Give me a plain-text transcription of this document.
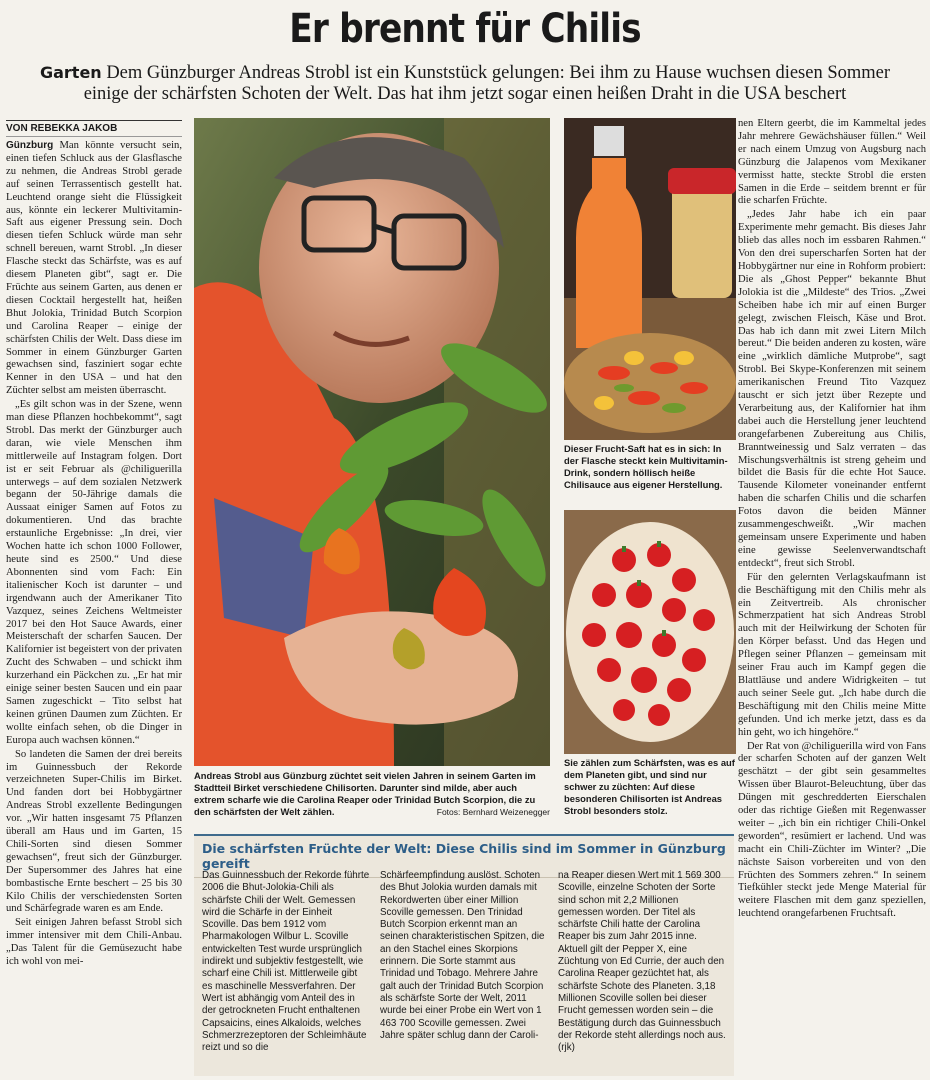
Er brennt für Chilis
Garten Dem Günzburger Andreas Strobl ist ein Kunststück gelungen: Bei ihm zu Hause wuchsen diesen Sommer einige der schärfsten Schoten der Welt. Das hat ihm jetzt sogar einen heißen Draht in die USA beschert
VON REBEKKA JAKOB

Günzburg Man könnte versucht sein, einen tiefen Schluck aus der Glasflasche zu nehmen, die Andreas Strobl gerade auf seinen Terrassentisch gestellt hat. Leuchtend orange sieht die Flüssigkeit aus, könnte ein leckerer Multivitamin-Saft aus eigener Pressung sein. Doch diesen tiefen Schluck würde man sehr schnell bereuen, warnt Strobl. „In dieser Flasche steckt das Schärfste, was es auf diesem Planeten gibt“, sagt er. Die Früchte aus seinem Garten, aus denen er diesen Cocktail hergestellt hat, heißen Bhut Jolokia, Trinidad Butch Scorpion und Carolina Reaper – einige der schärfsten Chilis der Welt. Dass diese im Sommer in einem Günzburger Garten gewachsen sind, fasziniert sogar echte Kenner in den USA – und hat den Züchter selbst am meisten überrascht.

„Es gilt schon was in der Szene, wenn man diese Pflanzen hochbekommt“, sagt Strobl. Das merkt der Günzburger auch daran, wie viele Menschen ihm mittlerweile auf Instagram folgen. Dort ist er seit Februar als @chiliguerilla unterwegs – auf dem sozialen Netzwerk begann der 50-Jährige damals die Aussaat einiger Samen auf Fotos zu dokumentieren. Und das brachte erstaunliche Ergebnisse: „In drei, vier Wochen hatte ich schon 1000 Follower, heute sind es 2500.“ Und diese Abonnenten sind vom Fach: Ein italienischer Koch ist darunter – und irgendwann auch der Amerikaner Tito Vazquez, seines Zeichens Weltmeister 2017 bei den Hot Sauce Awards, einer Meisterschaft der scharfen Saucen. Der Kalifornier ist begeistert von der privaten Zucht des Schwaben – und schickt ihm kurzerhand ein Päckchen zu. „Er hat mir einige seiner besten Saucen und ein paar Samen zugeschickt – Tito selbst hat keinen grünen Daumen zum Züchten. Er wollte einfach sehen, ob die Dinger in Europa auch wachsen können.“

So landeten die Samen der drei bereits im Guinnessbuch der Rekorde verzeichneten Super-Chilis im Birket. Und fanden dort bei Hobbygärtner Andreas Strobl exzellente Bedingungen vor. „Wir hatten insgesamt 75 Pflanzen überall am Haus und im Garten, 15 Chili-Sorten sind diesen Sommer gewachsen“, freut sich der Günzburger. Der Supersommer des Jahres hat eine bombastische Ernte beschert – 25 bis 30 Kilo Chilis der verschiedensten Sorten und Schärfegrade waren es am Ende.

Seit einigen Jahren befasst Strobl sich immer intensiver mit dem Chili-Anbau. „Das Talent für die Gemüsezucht habe ich wohl von mei-

Dieser Frucht-Saft hat es in sich: In der Flasche steckt kein Multivitamin-Drink, sondern höllisch heiße Chilisauce aus eigener Herstellung.
Sie zählen zum Schärfsten, was es auf dem Planeten gibt, und sind nur schwer zu züchten: Auf diese besonderen Chilisorten ist Andreas Strobl besonders stolz.
Andreas Strobl aus Günzburg züchtet seit vielen Jahren in seinem Garten im Stadtteil Birket verschiedene Chilisorten. Darunter sind milde, aber auch extrem scharfe wie die Carolina Reaper oder Trinidad Butch Scorpion, die zu den schärfsten der Welt zählen.	Fotos: Bernhard Weizenegger

nen Eltern geerbt, die im Kammeltal jedes Jahr mehrere Gewächshäuser füllen.“ Weil er nach einem Umzug von Augsburg nach Günzburg die Jalapenos vom Mexikaner vermisst hatte, steckte Strobl die ersten Samen in die Erde – seitdem brennt er für die scharfen Früchte.

„Jedes Jahr habe ich ein paar Experimente mehr gemacht. Bis dieses Jahr blieb das alles noch im essbaren Rahmen.“ Von den drei superscharfen Sorten hat der Hobbygärtner nur eine in Rohform probiert: Die als „Ghost Pepper“ bekannte Bhut Jolokia ist die „Mildeste“ des Trios. „Zwei Scheiben habe ich mir auf einen Burger gelegt, zwischen Fleisch, Käse und Brot. Das hab ich dann mit zwei Litern Milch bereut.“ Die beiden anderen zu kosten, wäre eine „wirklich dämliche Mutprobe“, sagt Strobl. Bei Skype-Konferenzen mit seinem amerikanischen Freund Tito Vazquez tauscht er sich jetzt über Rezepte und Verarbeitung aus, der Kalifornier hat ihm dabei auch die Herstellung jener leuchtend orangefarbenen Zubereitung aus Chilis, Branntweinessig und Salz verraten – das Mischungsverhältnis ist streng geheim und bildet die Basis für die echte Hot Sauce. Tausende Kilometer voneinander entfernt haben die scharfen Chilis und die scharfen Fotos davon die beiden Männer zusammengeschweißt. „Wir machen gemeinsam unsere Experimente und haben eine gewisse Seelenverwandtschaft entdeckt“, freut sich Strobl.

Für den gelernten Verlagskaufmann ist die Beschäftigung mit den Chilis mehr als ein Zeitvertreib. Als chronischer Schmerzpatient hat sich Andreas Strobl auch mit der Heilwirkung der Schoten für den Körper befasst. Und das Hegen und Pflegen seiner Pflanzen – gemeinsam mit seiner Frau auch im Kampf gegen die Blattläuse und andere Widrigkeiten – tut auch seiner Seele gut. „Ich habe durch die Beschäftigung mit den Chilis meine Mitte gefunden. Und ich merke jetzt, dass es da hin geht, wo ich hingehöre.“

Der Rat von @chiliguerilla wird von Fans der scharfen Schoten auf der ganzen Welt geschätzt – der gibt sein gesammeltes Wissen über Blaurot-Beleuchtung, über das Düngen mit geschredderten Eierschalen oder das richtige Gießen mit Regenwasser weiter – „ich bin ein richtiger Chili-Onkel geworden“, resümiert er lachend. Und was macht ein Chili-Züchter im Winter? „Die nächste Saison vorbereiten und von den Früchten des Sommers zehren.“ In seinem Tiefkühler steckt jede Menge Material für weitere Flaschen mit dem ganz speziellen, leuchtend orangefarbenen Fruchtsaft.

Die schärfsten Früchte der Welt: Diese Chilis sind im Sommer in Günzburg gereift
Das Guinnessbuch der Rekorde führte 2006 die Bhut-Jolokia-Chili als schärfste Chili der Welt. Gemessen wird die Schärfe in der Einheit Scoville. Das bem 1912 vom Pharmakologen Wilbur L. Scoville entwickelten Test wurde ursprünglich indirekt und subjektiv festgestellt, wie scharf eine Chili ist. Mittlerweile gibt es maschinelle Messverfahren. Der Wert ist abhängig vom Anteil des in der getrockneten Frucht enthaltenen Capsaicins, eines Alkaloids, welches Schmerzrezeptoren der Schleimhäute reizt und so die
Schärfeempfindung auslöst. Schoten des Bhut Jolokia wurden damals mit Rekordwerten über einer Million Scoville gemessen. Den Trinidad Butch Scorpion erkennt man an seinen charakteristischen Spitzen, die an den Stachel eines Skorpions erinnern. Die Sorte stammt aus Trinidad und Tobago. Mehrere Jahre galt auch der Trinidad Butch Scorpion als schärfste Sorte der Welt, 2011 wurde bei einer Probe ein Wert von 1 463 700 Scoville gemessen. Zwei Jahre später schlug dann der Caroli-
na Reaper diesen Wert mit 1 569 300 Scoville, einzelne Schoten der Sorte sind schon mit 2,2 Millionen gemessen worden. Der Titel als schärfste Chili hatte der Carolina Reaper bis zum Jahr 2015 inne. Aktuell gilt der Pepper X, eine Züchtung von Ed Currie, der auch den Carolina Reaper gezüchtet hat, als schärfste Schote des Planeten. 3,18 Millionen Scoville sollen bei dieser Frucht gemessen worden sein – die Bestätigung durch das Guinnessbuch der Rekorde steht allerdings noch aus. (rjk)
